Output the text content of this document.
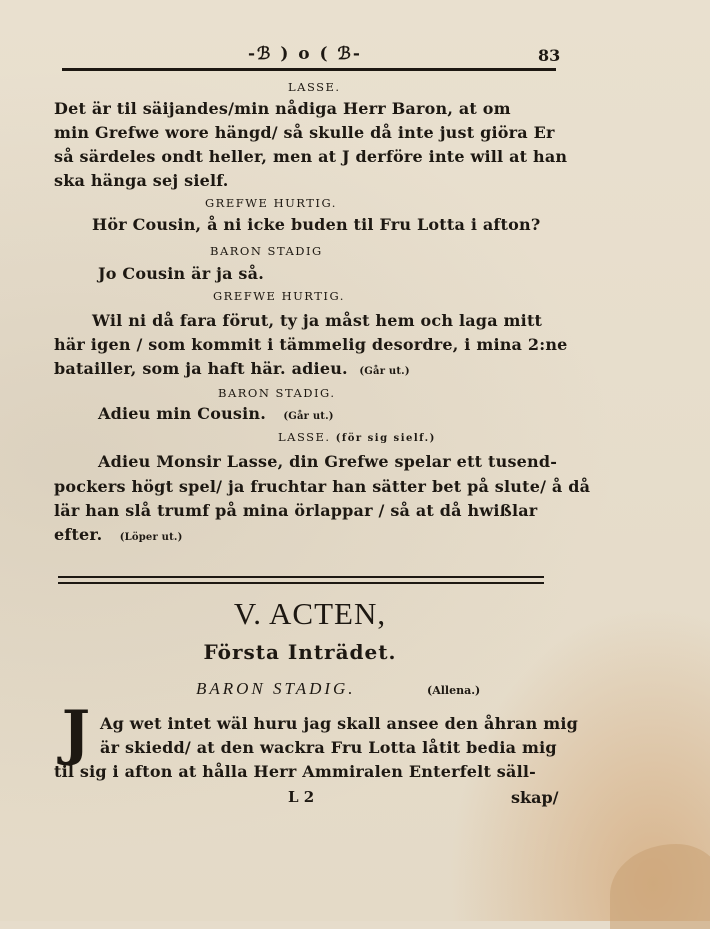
-ℬ ) o ( ℬ-	83
LASSE.
Det är til säijandes/min nådiga Herr Baron, at om
min Grefwe wore hängd/ så skulle då inte just giöra Er
så särdeles ondt heller, men at J derföre inte will at han
ska hänga sej sielf.
GREFWE HURTIG.
Hör Cousin, å ni icke buden til Fru Lotta i afton?
BARON STADIG
Jo Cousin är ja så.
GREFWE HURTIG.
Wil ni då fara förut, ty ja måst hem och laga mitt
här igen / som kommit i tämmelig desordre, i mina 2:ne
batailler, som ja haft här. adieu. (Går ut.)
BARON STADIG.
Adieu min Cousin. (Går ut.)
LASSE. (för sig sielf.)
Adieu Monsir Lasse, din Grefwe spelar ett tusend-
pockers högt spel/ ja fruchtar han sätter bet på slute/ å då
lär han slå trumf på mina örlappar / så at då hwißlar
efter. (Löper ut.)
V. ACTEN,
Första Inträdet.
BARON STADIG.	(Allena.)
J Ag wet intet wäl huru jag skall ansee den åhran mig
är skiedd/ at den wackra Fru Lotta låtit bedia mig
til sig i afton at hålla Herr Ammiralen Enterfelt säll-
L 2	skap/
